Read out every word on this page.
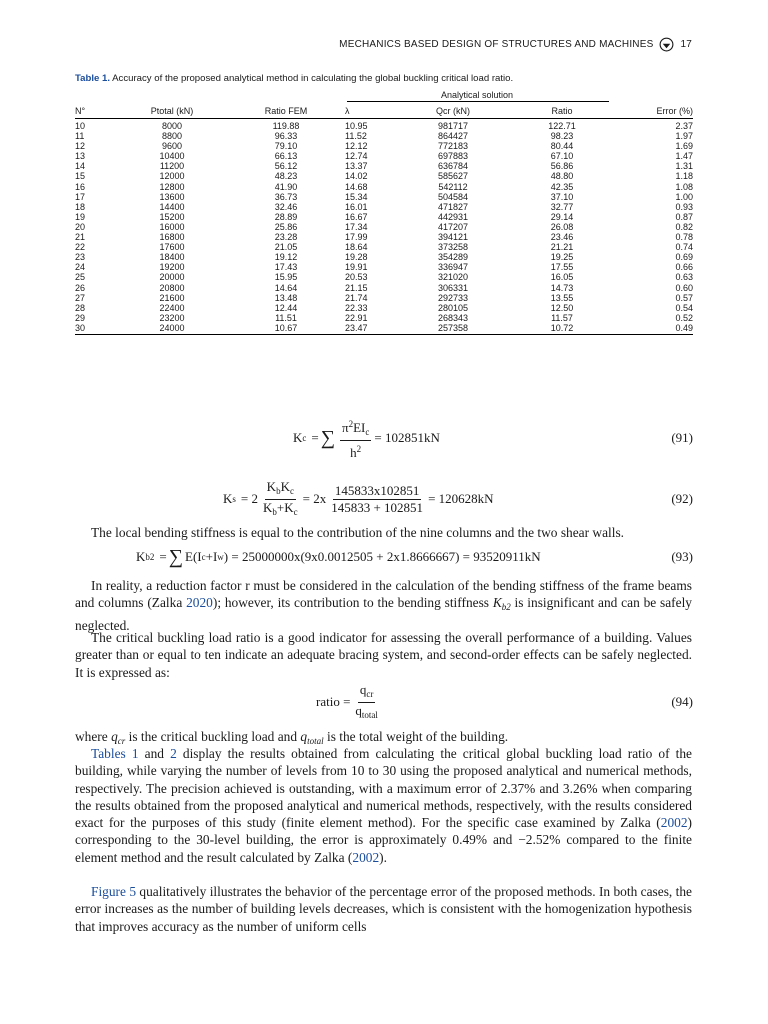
MECHANICS BASED DESIGN OF STRUCTURES AND MACHINES	17
Table 1. Accuracy of the proposed analytical method in calculating the global buckling critical load ratio.
			Analytical solution		

N°	Ptotal (kN)	Ratio FEM	λ	Qcr (kN)	Ratio	Error (%)
10	8000	119.88	10.95	981717	122.71	2.37
11	8800	96.33	11.52	864427	98.23	1.97
12	9600	79.10	12.12	772183	80.44	1.69
13	10400	66.13	12.74	697883	67.10	1.47
14	11200	56.12	13.37	636784	56.86	1.31
15	12000	48.23	14.02	585627	48.80	1.18
16	12800	41.90	14.68	542112	42.35	1.08
17	13600	36.73	15.34	504584	37.10	1.00
18	14400	32.46	16.01	471827	32.77	0.93
19	15200	28.89	16.67	442931	29.14	0.87
20	16000	25.86	17.34	417207	26.08	0.82
21	16800	23.28	17.99	394121	23.46	0.78
22	17600	21.05	18.64	373258	21.21	0.74
23	18400	19.12	19.28	354289	19.25	0.69
24	19200	17.43	19.91	336947	17.55	0.66
25	20000	15.95	20.53	321020	16.05	0.63
26	20800	14.64	21.15	306331	14.73	0.60
27	21600	13.48	21.74	292733	13.55	0.57
28	22400	12.44	22.33	280105	12.50	0.54
29	23200	11.51	22.91	268343	11.57	0.52
30	24000	10.67	23.47	257358	10.72	0.49
K c = ∑ $\frac{\pi^2EI_c}{h^2} = 102851kN$	(91)
K $s = 2 \frac{K_bK_c}{K_b+K_c} = 2x \frac{145833x102851}{145833 + 102851} = 120628kN$	(92)

The local bending stiffness is equal to the contribution of the nine columns and the two shear walls.

K b2 = ∑ E(I c +I w ) = 25000000x(9x0.0012505 + 2x1.8666667) = 93520911kN	(93)

In reality, a reduction factor r must be considered in the calculation of the bending stiffness of the frame beams and columns (Zalka 2020); however, its contribution to the bending stiffness $K_{b2}$ is insignificant and can be safely neglected.

The critical buckling load ratio is a good indicator for assessing the overall performance of a building. Values greater than or equal to ten indicate an adequate bracing system, and second-order effects can be safely neglected. It is expressed as:

ratio = $\frac{q_{cr}}{q_{total}}$	(94)

where $q_{cr}$ is the critical buckling load and $q_{total}$ is the total weight of the building.

Tables 1 and 2 display the results obtained from calculating the critical global buckling load ratio of the building, while varying the number of levels from 10 to 30 using the proposed analytical and numerical methods, respectively. The precision achieved is outstanding, with a maximum error of 2.37% and 3.26% when comparing the results obtained from the proposed analytical and numerical methods, respectively, with the results considered exact for the purposes of this study (finite element method). For the specific case examined by Zalka (2002) corresponding to the 30-level building, the error is approximately 0.49% and −2.52% compared to the finite element method and the result calculated by Zalka (2002).

Figure 5 qualitatively illustrates the behavior of the percentage error of the proposed methods. In both cases, the error increases as the number of building levels decreases, which is consistent with the homogenization hypothesis that improves accuracy as the number of uniform cells
